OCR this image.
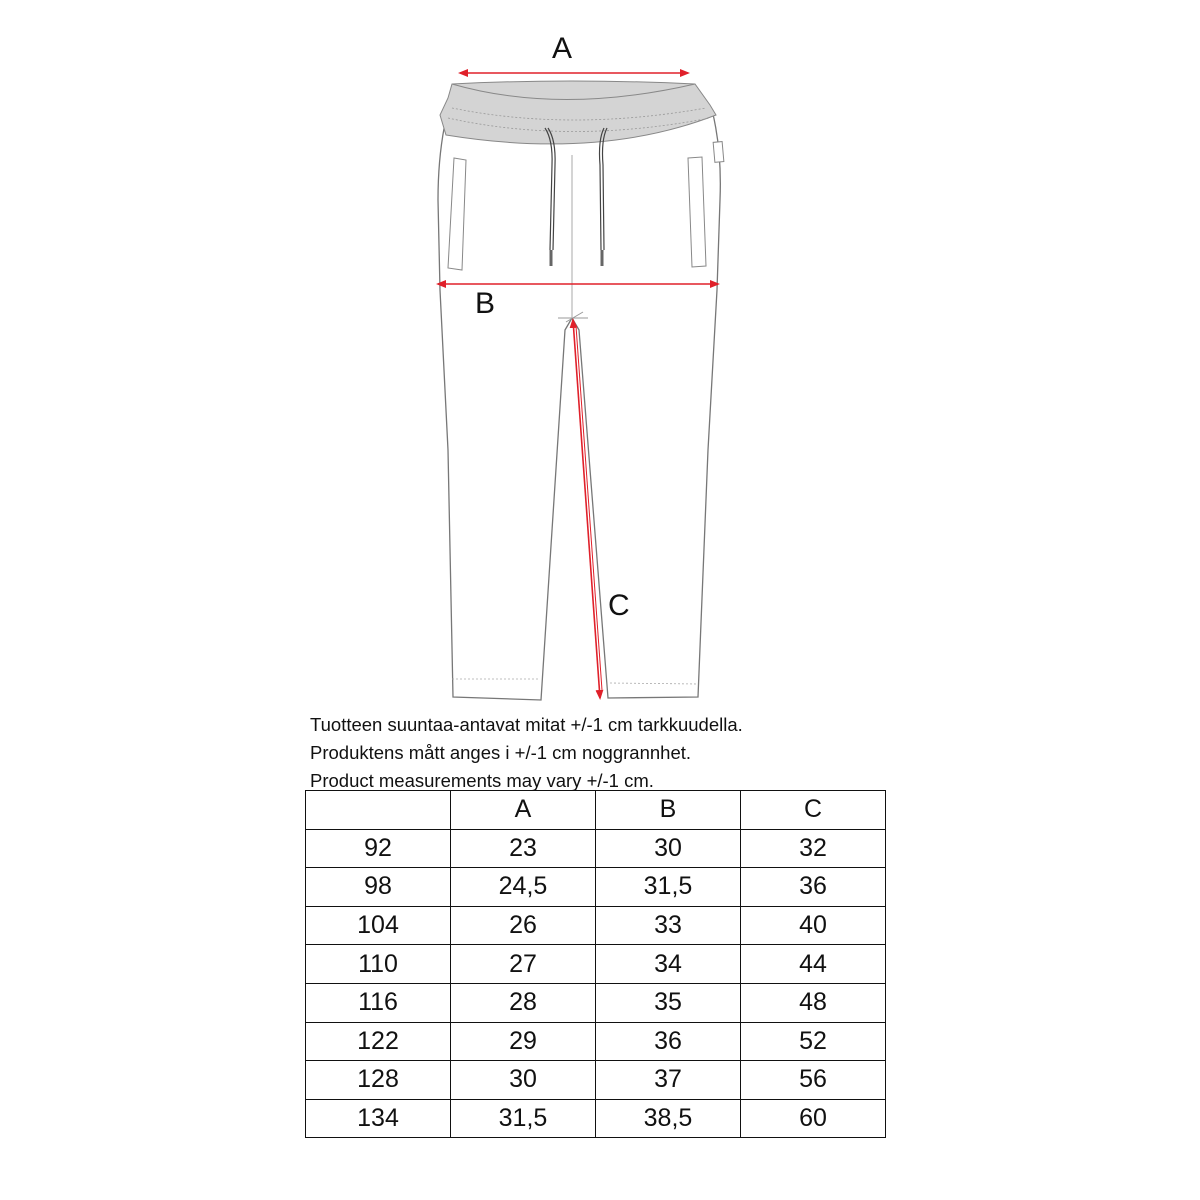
A
B
C
Tuotteen suuntaa-antavat mitat +/-1 cm tarkkuudella.
Produktens mått anges i +/-1 cm noggrannhet.
Product measurements may vary +/-1 cm.
	A	B	C
92	23	30	32
98	24,5	31,5	36
104	26	33	40
110	27	34	44
116	28	35	48
122	29	36	52
128	30	37	56
134	31,5	38,5	60
